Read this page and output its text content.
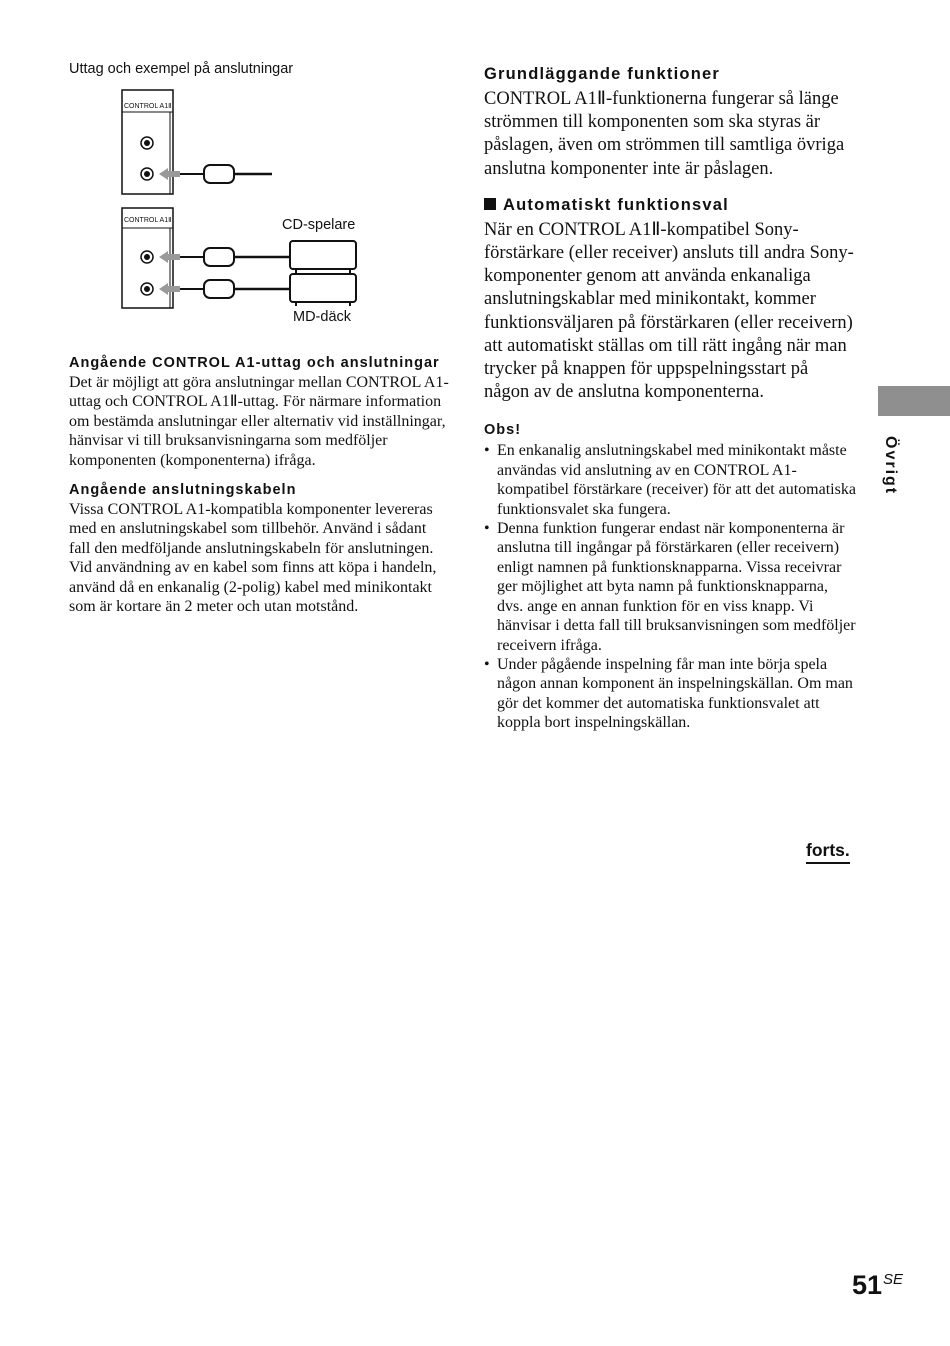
Uttag och exempel på anslutningar
CONTROL A1Ⅱ
CONTROL A1Ⅱ	CD-spelare
MD-däck

Angående CONTROL A1-uttag och anslutningar

Det är möjligt att göra anslutningar mellan CONTROL A1-uttag och CONTROL A1Ⅱ-uttag. För närmare information om bestämda anslutningar eller alternativ vid inställningar, hänvisar vi till bruksanvisningarna som medföljer komponenten (komponenterna) ifråga.

Angående anslutningskabeln

Vissa CONTROL A1-kompatibla komponenter levereras med en anslutningskabel som tillbehör. Använd i sådant fall den medföljande anslutningskabeln för anslutningen.

Vid användning av en kabel som finns att köpa i handeln, använd då en enkanalig (2-polig) kabel med minikontakt som är kortare än 2 meter och utan motstånd.

Grundläggande funktioner

CONTROL A1Ⅱ-funktionerna fungerar så länge strömmen till komponenten som ska styras är påslagen, även om strömmen till samtliga övriga anslutna komponenter inte är påslagen.

Automatiskt funktionsval

När en CONTROL A1Ⅱ-kompatibel Sony-förstärkare (eller receiver) ansluts till andra Sony-komponenter genom att använda enkanaliga anslutningskablar med minikontakt, kommer funktionsväljaren på förstärkaren (eller receivern) att automatiskt ställas om till rätt ingång när man trycker på knappen för uppspelningsstart på någon av de anslutna komponenterna.

Obs!

• En enkanalig anslutningskabel med minikontakt måste användas vid anslutning av en CONTROL A1-kompatibel förstärkare (receiver) för att det automatiska funktionsvalet ska fungera.
• Denna funktion fungerar endast när komponenterna är anslutna till ingångar på förstärkaren (eller receivern) enligt namnen på funktionsknapparna. Vissa receivrar ger möjlighet att byta namn på funktionsknapparna, dvs. ange en annan funktion för en viss knapp. Vi hänvisar i detta fall till bruksanvisningen som medföljer receivern ifråga.
• Under pågående inspelning får man inte börja spela någon annan komponent än inspelningskällan. Om man gör det kommer det automatiska funktionsvalet att koppla bort inspelningskällan.
forts.
Övrigt
51 SE
